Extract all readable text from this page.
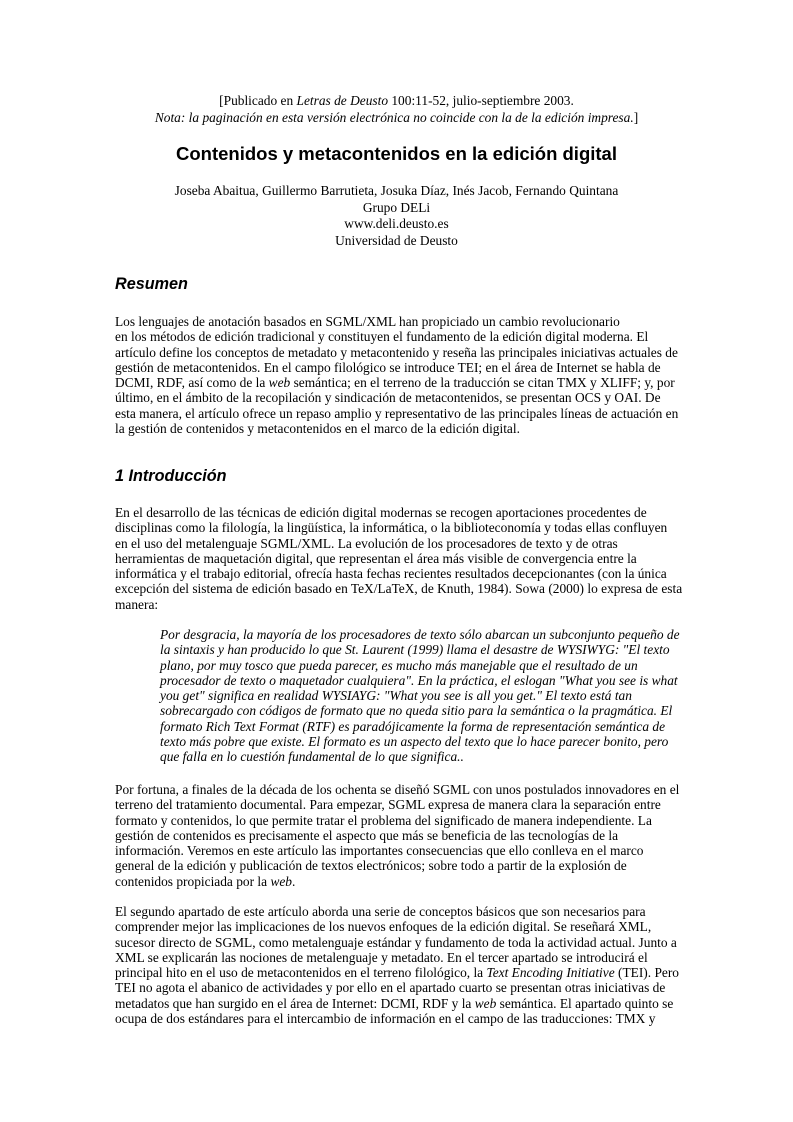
[Publicado en Letras de Deusto 100:11-52, julio-septiembre 2003.
Nota: la paginación en esta versión electrónica no coincide con la de la edición impresa.]
Contenidos y metacontenidos en la edición digital
Joseba Abaitua, Guillermo Barrutieta, Josuka Díaz, Inés Jacob, Fernando Quintana
Grupo DELi
www.deli.deusto.es
Universidad de Deusto
Resumen
Los lenguajes de anotación basados en SGML/XML han propiciado un cambio revolucionario
en los métodos de edición tradicional y constituyen el fundamento de la edición digital moderna. El
artículo define los conceptos de metadato y metacontenido y reseña las principales iniciativas actuales de
gestión de metacontenidos. En el campo filológico se introduce TEI; en el área de Internet se habla de
DCMI, RDF, así como de la web semántica; en el terreno de la traducción se citan TMX y XLIFF; y, por
último, en el ámbito de la recopilación y sindicación de metacontenidos, se presentan OCS y OAI. De
esta manera, el artículo ofrece un repaso amplio y representativo de las principales líneas de actuación en
la gestión de contenidos y metacontenidos en el marco de la edición digital.
1 Introducción
En el desarrollo de las técnicas de edición digital modernas se recogen aportaciones procedentes de
disciplinas como la filología, la lingüística, la informática, o la biblioteconomía y todas ellas confluyen
en el uso del metalenguaje SGML/XML. La evolución de los procesadores de texto y de otras
herramientas de maquetación digital, que representan el área más visible de convergencia entre la
informática y el trabajo editorial, ofrecía hasta fechas recientes resultados decepcionantes (con la única
excepción del sistema de edición basado en TeX/LaTeX, de Knuth, 1984). Sowa (2000) lo expresa de esta
manera:
Por desgracia, la mayoría de los procesadores de texto sólo abarcan un subconjunto pequeño de
la sintaxis y han producido lo que St. Laurent (1999) llama el desastre de WYSIWYG: "El texto
plano, por muy tosco que pueda parecer, es mucho más manejable que el resultado de un
procesador de texto o maquetador cualquiera". En la práctica, el eslogan "What you see is what
you get" significa en realidad WYSIAYG: "What you see is all you get." El texto está tan
sobrecargado con códigos de formato que no queda sitio para la semántica o la pragmática. El
formato Rich Text Format (RTF) es paradójicamente la forma de representación semántica de
texto más pobre que existe. El formato es un aspecto del texto que lo hace parecer bonito, pero
que falla en lo cuestión fundamental de lo que significa..
Por fortuna, a finales de la década de los ochenta se diseñó SGML con unos postulados innovadores en el
terreno del tratamiento documental. Para empezar, SGML expresa de manera clara la separación entre
formato y contenidos, lo que permite tratar el problema del significado de manera independiente. La
gestión de contenidos es precisamente el aspecto que más se beneficia de las tecnologías de la
información. Veremos en este artículo las importantes consecuencias que ello conlleva en el marco
general de la edición y publicación de textos electrónicos; sobre todo a partir de la explosión de
contenidos propiciada por la web.
El segundo apartado de este artículo aborda una serie de conceptos básicos que son necesarios para
comprender mejor las implicaciones de los nuevos enfoques de la edición digital. Se reseñará XML,
sucesor directo de SGML, como metalenguaje estándar y fundamento de toda la actividad actual. Junto a
XML se explicarán las nociones de metalenguaje y metadato. En el tercer apartado se introducirá el
principal hito en el uso de metacontenidos en el terreno filológico, la Text Encoding Initiative (TEI). Pero
TEI no agota el abanico de actividades y por ello en el apartado cuarto se presentan otras iniciativas de
metadatos que han surgido en el área de Internet: DCMI, RDF y la web semántica. El apartado quinto se
ocupa de dos estándares para el intercambio de información en el campo de las traducciones: TMX y
